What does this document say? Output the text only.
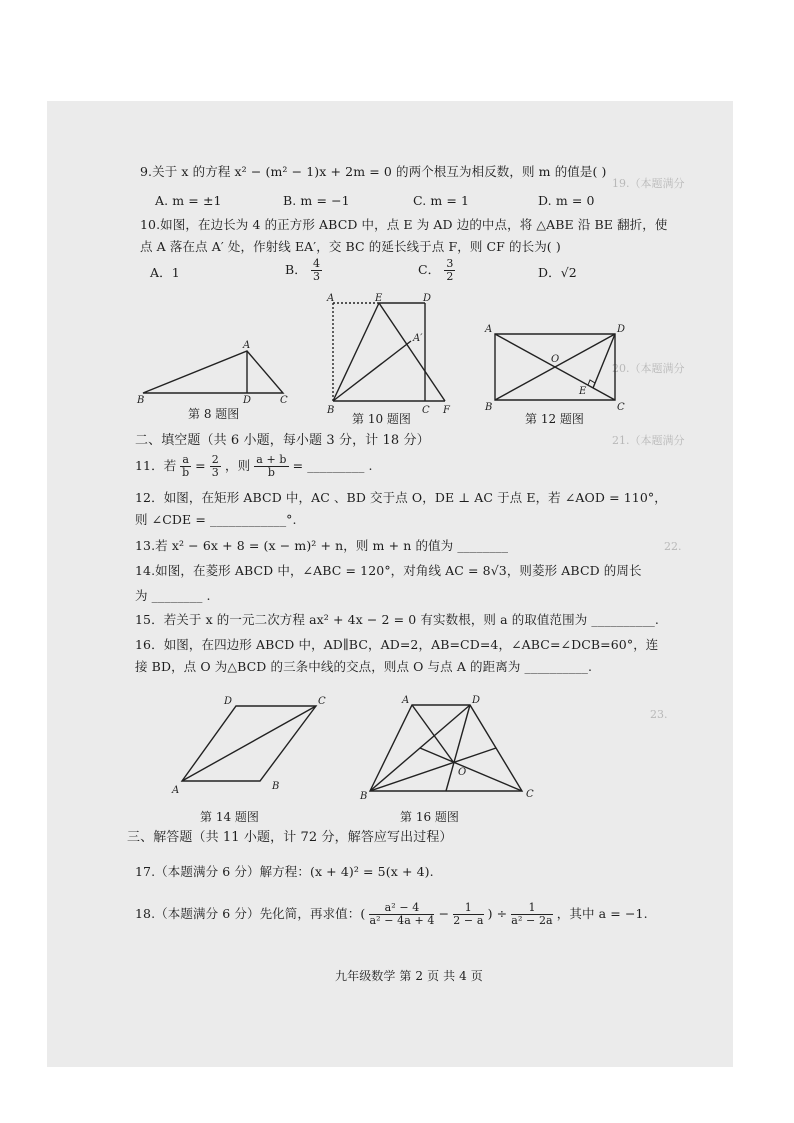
19.（本题满分
20.（本题满分
21.（本题满分
22.
23.
9.关于 x 的方程 x² − (m² − 1)x + 2m = 0 的两个根互为相反数，则 m 的值是( )
A. m = ±1	B. m = −1	C. m = 1	D. m = 0
10.如图，在边长为 4 的正方形 ABCD 中，点 E 为 AD 边的中点，将 △ABE 沿 BE 翻折，使
点 A 落在点 A′ 处，作射线 EA′，交 BC 的延长线于点 F，则 CF 的长为( )
A．1	B． $\frac{4}{3}$	C． $\frac{3}{2}$	D．√2
A
B	D	C
第 8 题图
A	E	D
A′
B	C F
第 10 题图
A	D
O
E
B	C
第 12 题图
二、填空题（共 6 小题，每小题 3 分，计 18 分）
11．若 $\frac{a}{b} = \frac{2}{3}$ ，则 $\frac{a + b}{b}$ = _________ .
12．如图，在矩形 ABCD 中，AC 、BD 交于点 O，DE ⊥ AC 于点 E，若 ∠AOD = 110°，
则 ∠CDE = ____________°.
13.若 x² − 6x + 8 = (x − m)² + n，则 m + n 的值为 ________
14.如图，在菱形 ABCD 中，∠ABC = 120°，对角线 AC = 8√3，则菱形 ABCD 的周长
为 ________ .
15．若关于 x 的一元二次方程 ax² + 4x − 2 = 0 有实数根，则 a 的取值范围为 __________.
16．如图，在四边形 ABCD 中，AD∥BC，AD=2，AB=CD=4，∠ABC=∠DCB=60°，连
接 BD，点 O 为△BCD 的三条中线的交点，则点 O 与点 A 的距离为 __________.
D	C
A	B
第 14 题图
A	D
O
B	C
第 16 题图
三、解答题（共 11 小题，计 72 分，解答应写出过程）
17.（本题满分 6 分）解方程：(x + 4)² = 5(x + 4).
18.（本题满分 6 分）先化简，再求值：( $\frac{\text{a² − 4}}{\text{a² − 4a + 4}} - \frac{1}{2 - a}$ ) ÷ $\frac{1}{\text{a² − 2a}}$ ，其中 a = −1.
九年级数学 第 2 页 共 4 页
